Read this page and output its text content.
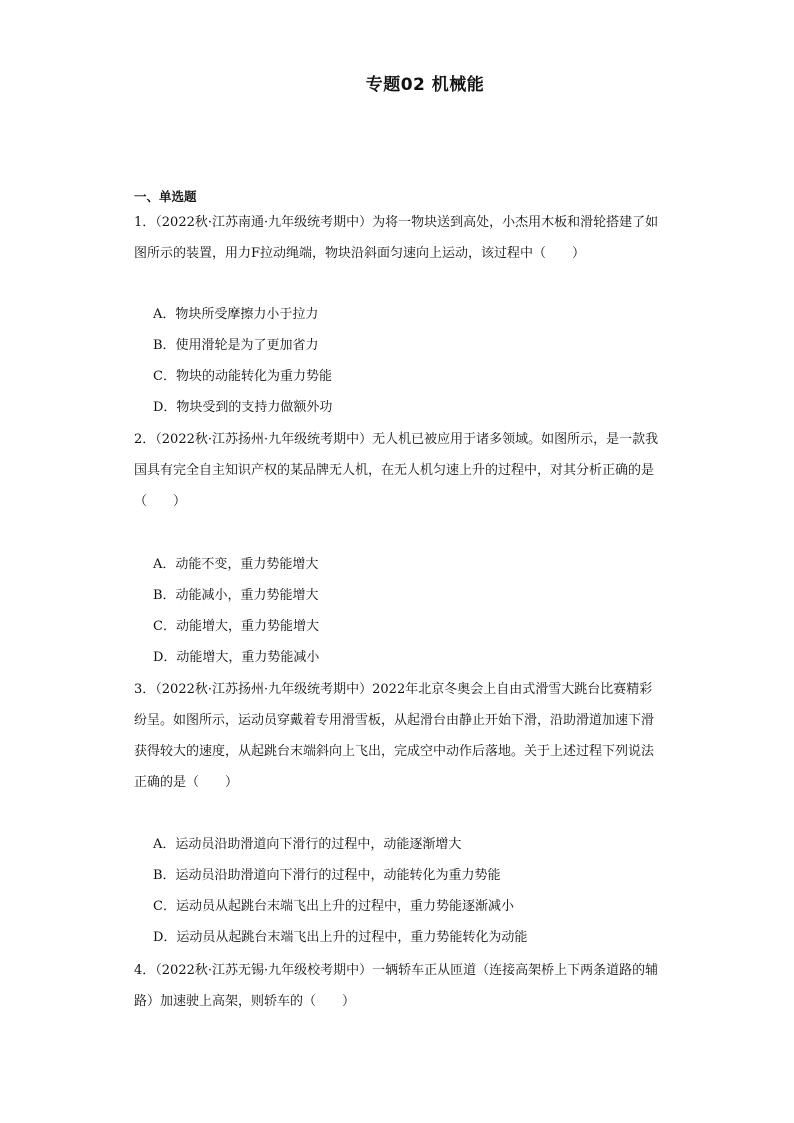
专题02 机械能
一、单选题
1．（2022秋·江苏南通·九年级统考期中）为将一物块送到高处，小杰用木板和滑轮搭建了如图所示的装置，用力F拉动绳端，物块沿斜面匀速向上运动，该过程中（　　）
A．物块所受摩擦力小于拉力
B．使用滑轮是为了更加省力
C．物块的动能转化为重力势能
D．物块受到的支持力做额外功
2．（2022秋·江苏扬州·九年级统考期中）无人机已被应用于诸多领域。如图所示，是一款我国具有完全自主知识产权的某品牌无人机，在无人机匀速上升的过程中，对其分析正确的是（　　）
A．动能不变，重力势能增大
B．动能减小，重力势能增大
C．动能增大，重力势能增大
D．动能增大，重力势能减小
3．（2022秋·江苏扬州·九年级统考期中）2022年北京冬奥会上自由式滑雪大跳台比赛精彩纷呈。如图所示，运动员穿戴着专用滑雪板，从起滑台由静止开始下滑，沿助滑道加速下滑获得较大的速度，从起跳台末端斜向上飞出，完成空中动作后落地。关于上述过程下列说法正确的是（　　）
A．运动员沿助滑道向下滑行的过程中，动能逐渐增大
B．运动员沿助滑道向下滑行的过程中，动能转化为重力势能
C．运动员从起跳台末端飞出上升的过程中，重力势能逐渐减小
D．运动员从起跳台末端飞出上升的过程中，重力势能转化为动能
4．（2022秋·江苏无锡·九年级校考期中）一辆轿车正从匝道（连接高架桥上下两条道路的辅路）加速驶上高架，则轿车的（　　）
